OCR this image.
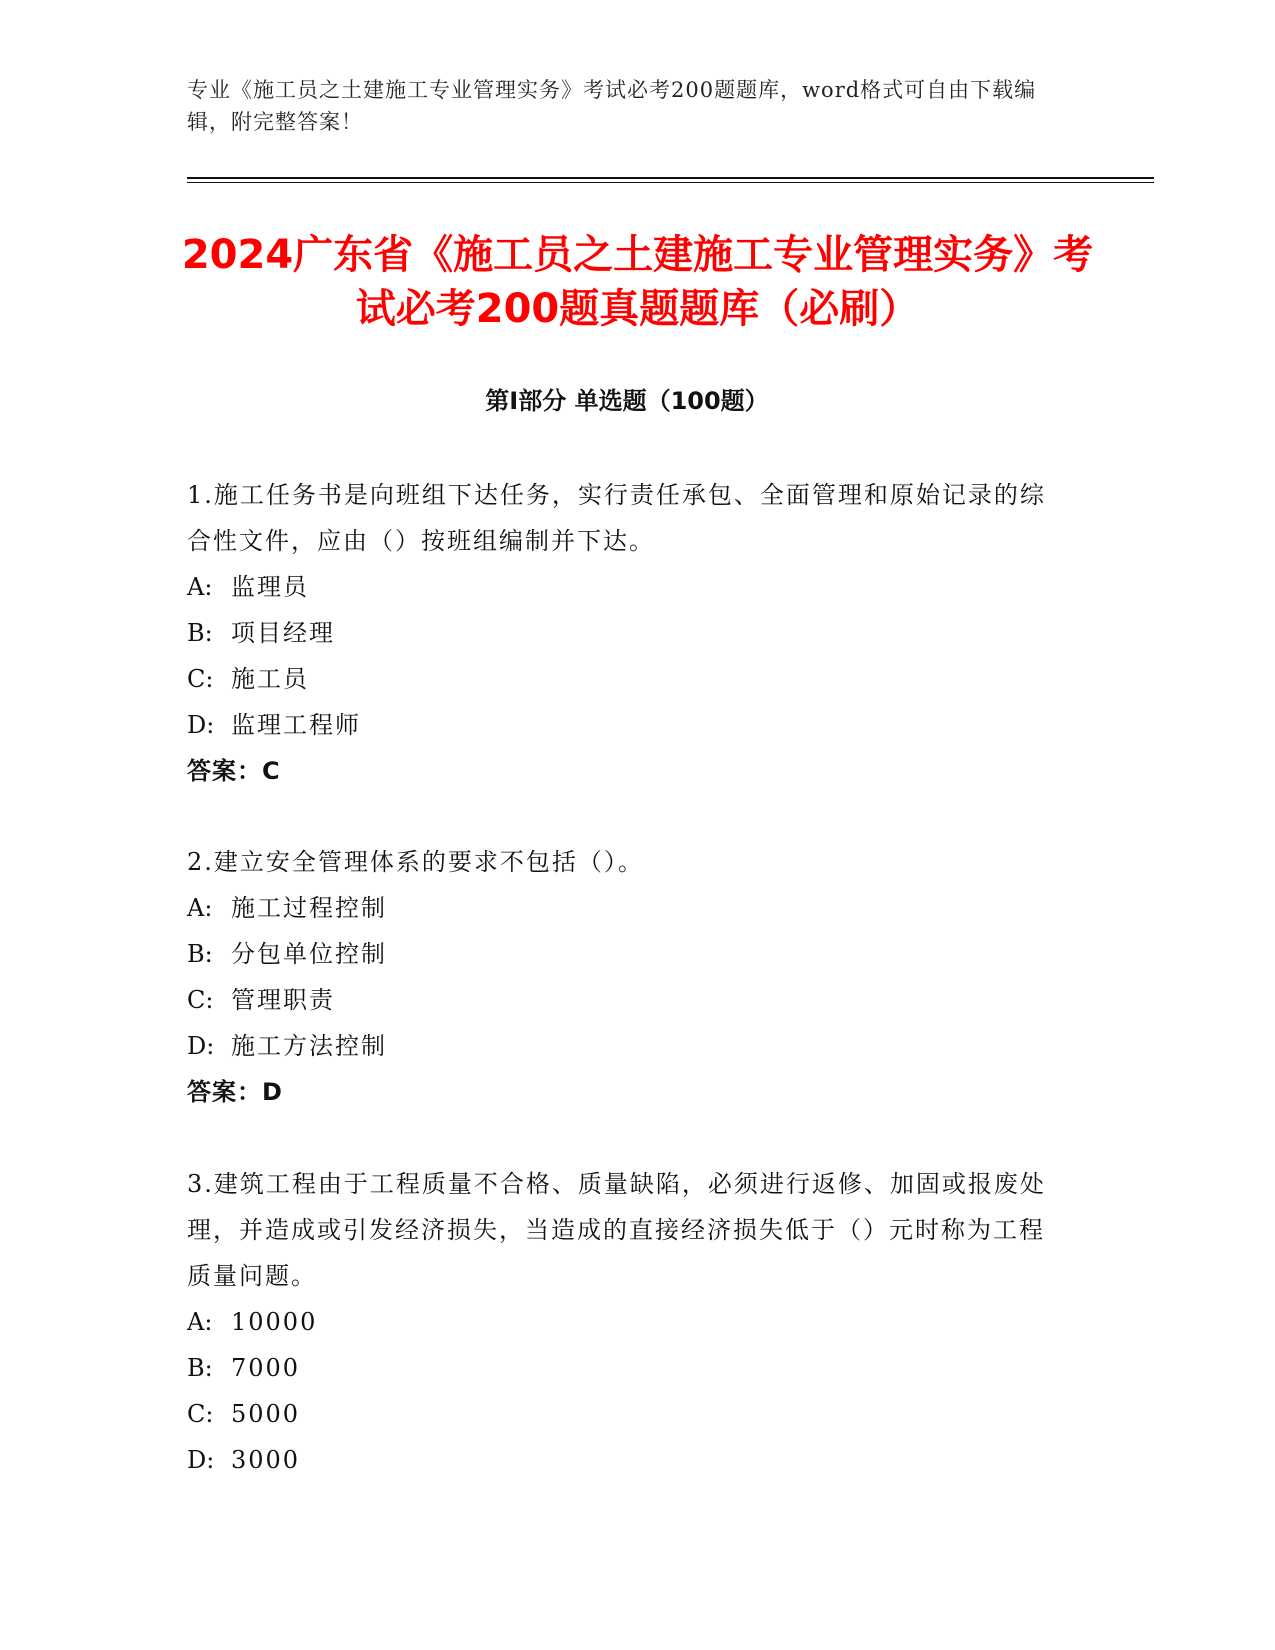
专业《施工员之土建施工专业管理实务》考试必考200题题库，word格式可自由下载编辑，附完整答案！
2024广东省《施工员之土建施工专业管理实务》考试必考200题真题题库（必刷）
第I部分 单选题（100题）

1.施工任务书是向班组下达任务，实行责任承包、全面管理和原始记录的综合性文件，应由（）按班组编制并下达。

A: 监理员

B: 项目经理

C: 施工员

D: 监理工程师

答案：C

2.建立安全管理体系的要求不包括（）。

A: 施工过程控制

B: 分包单位控制

C: 管理职责

D: 施工方法控制

答案：D

3.建筑工程由于工程质量不合格、质量缺陷，必须进行返修、加固或报废处理，并造成或引发经济损失，当造成的直接经济损失低于（）元时称为工程质量问题。

A: 10000

B: 7000

C: 5000

D: 3000
